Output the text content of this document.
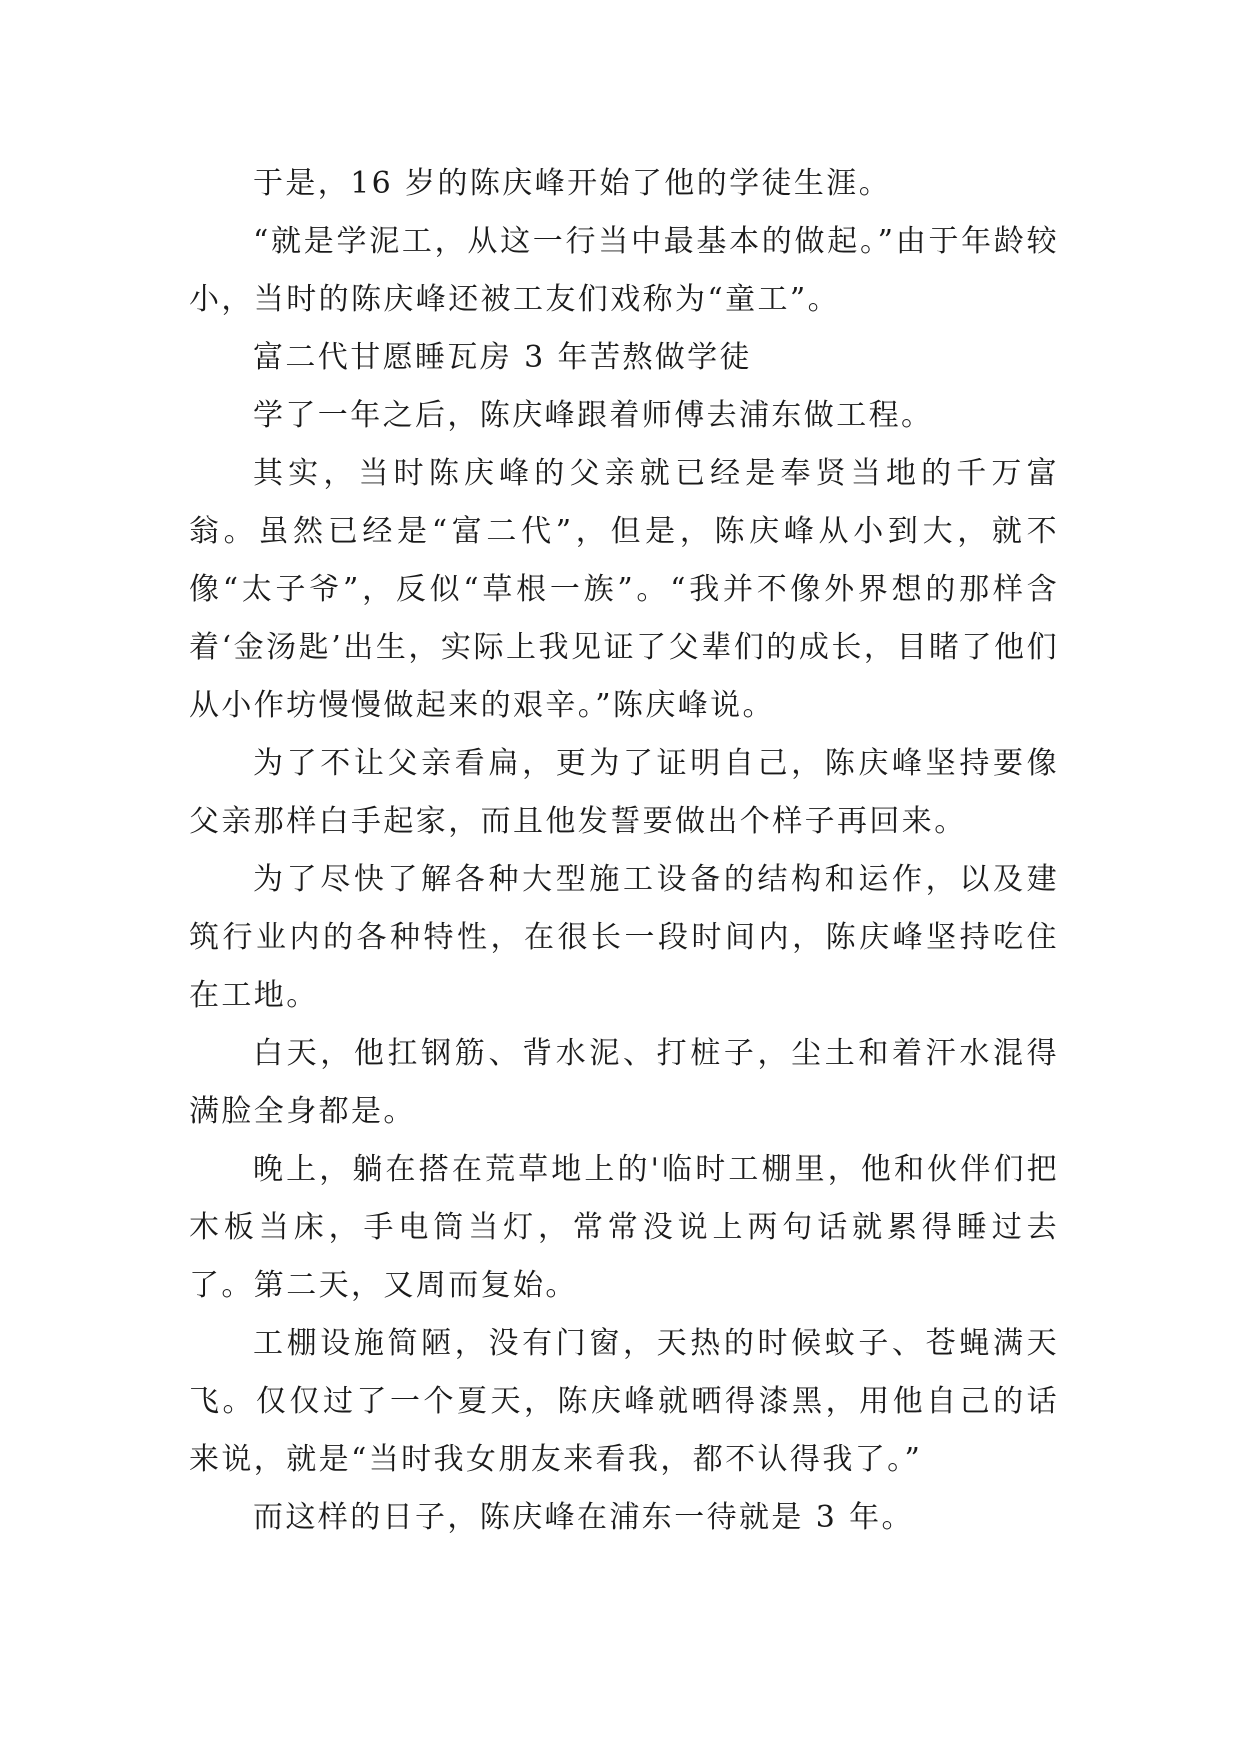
于是，16 岁的陈庆峰开始了他的学徒生涯。

“就是学泥工，从这一行当中最基本的做起。”由于年龄较小，当时的陈庆峰还被工友们戏称为“童工”。

富二代甘愿睡瓦房 3 年苦熬做学徒

学了一年之后，陈庆峰跟着师傅去浦东做工程。

其实，当时陈庆峰的父亲就已经是奉贤当地的千万富翁。虽然已经是“富二代”，但是，陈庆峰从小到大，就不像“太子爷”，反似“草根一族”。“我并不像外界想的那样含着‘金汤匙’出生，实际上我见证了父辈们的成长，目睹了他们从小作坊慢慢做起来的艰辛。”陈庆峰说。

为了不让父亲看扁，更为了证明自己，陈庆峰坚持要像父亲那样白手起家，而且他发誓要做出个样子再回来。

为了尽快了解各种大型施工设备的结构和运作，以及建筑行业内的各种特性，在很长一段时间内，陈庆峰坚持吃住在工地。

白天，他扛钢筋、背水泥、打桩子，尘土和着汗水混得满脸全身都是。

晚上，躺在搭在荒草地上的'临时工棚里，他和伙伴们把木板当床，手电筒当灯，常常没说上两句话就累得睡过去了。第二天，又周而复始。

工棚设施简陋，没有门窗，天热的时候蚊子、苍蝇满天飞。仅仅过了一个夏天，陈庆峰就晒得漆黑，用他自己的话来说，就是“当时我女朋友来看我，都不认得我了。”

而这样的日子，陈庆峰在浦东一待就是 3 年。
